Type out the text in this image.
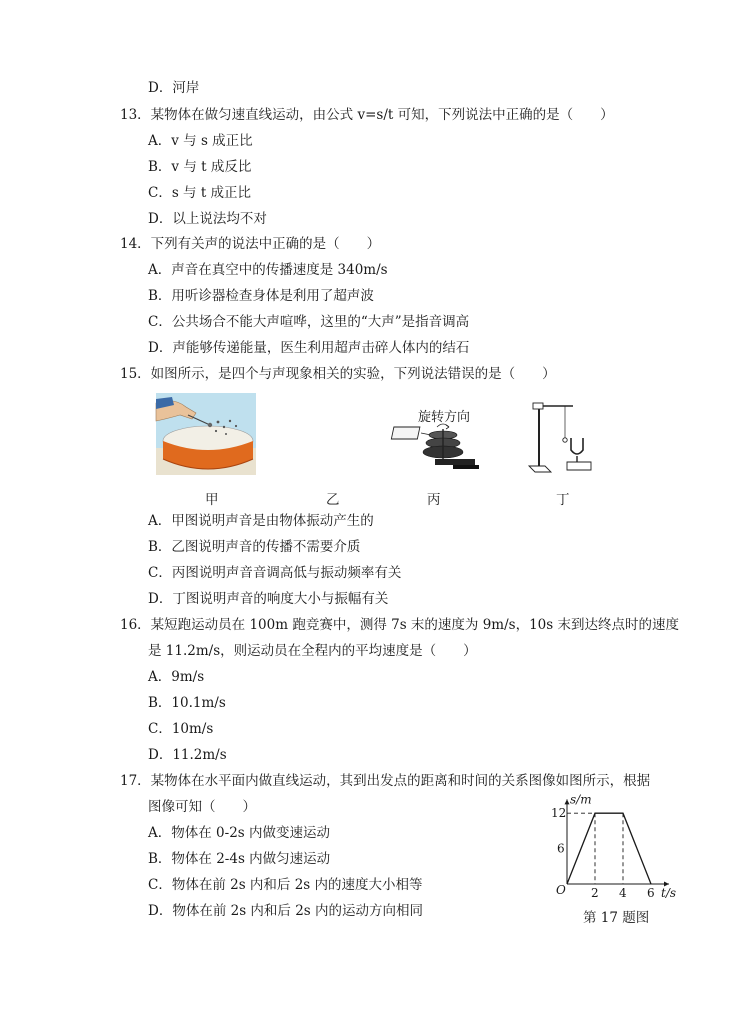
D．河岸
13．某物体在做匀速直线运动，由公式 v=s/t 可知，下列说法中正确的是（　　）
A．v 与 s 成正比
B．v 与 t 成反比
C．s 与 t 成正比
D．以上说法均不对
14．下列有关声的说法中正确的是（　　）
A．声音在真空中的传播速度是 340m/s
B．用听诊器检查身体是利用了超声波
C．公共场合不能大声喧哗，这里的“大声”是指音调高
D．声能够传递能量，医生利用超声击碎人体内的结石
15．如图所示，是四个与声现象相关的实验，下列说法错误的是（　　）
旋转方向
甲	乙	丙	丁
A．甲图说明声音是由物体振动产生的
B．乙图说明声音的传播不需要介质
C．丙图说明声音音调高低与振动频率有关
D．丁图说明声音的响度大小与振幅有关
16．某短跑运动员在 100m 跑竞赛中，测得 7s 末的速度为 9m/s，10s 末到达终点时的速度
是 11.2m/s，则运动员在全程内的平均速度是（　　）
A．9m/s
B．10.1m/s
C．10m/s
D．11.2m/s
17．某物体在水平面内做直线运动，其到出发点的距离和时间的关系图像如图所示，根据
图像可知（　　）
A．物体在 0-2s 内做变速运动
B．物体在 2-4s 内做匀速运动
C．物体在前 2s 内和后 2s 内的速度大小相等
D．物体在前 2s 内和后 2s 内的运动方向相同
2 4 6
6
12
O	t/s
s/m
第 17 题图
